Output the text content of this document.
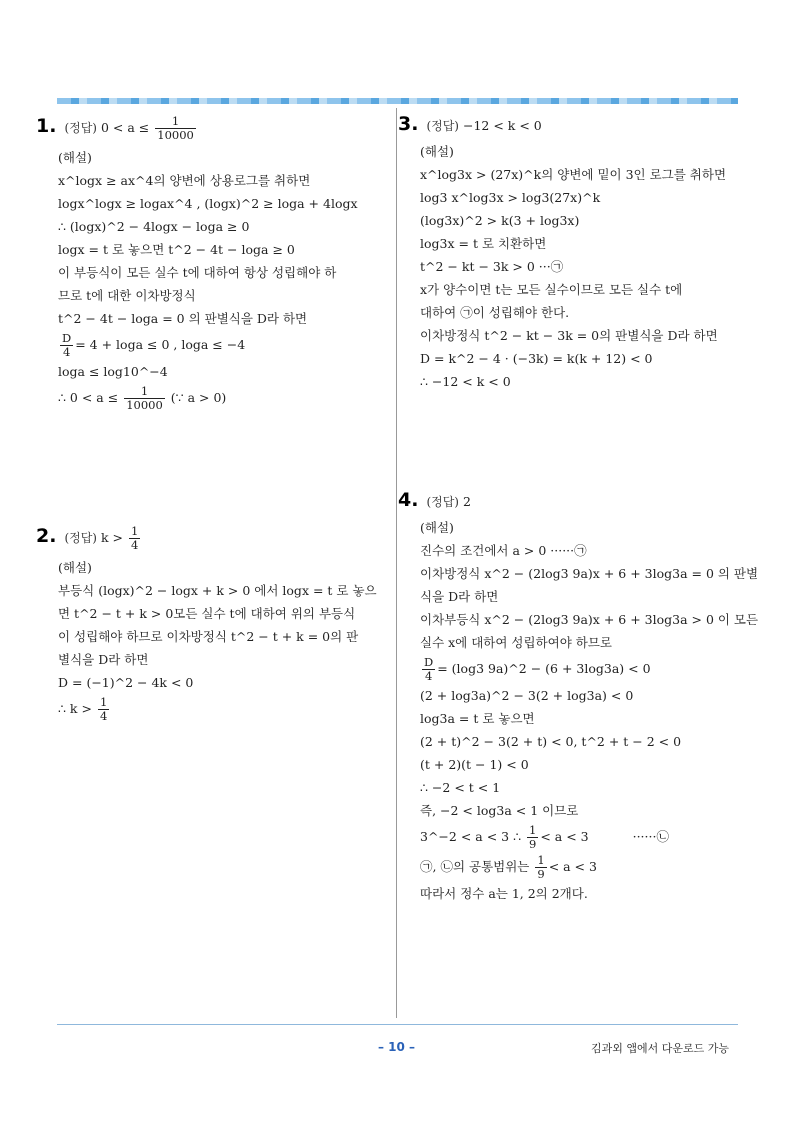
1. (정답) $0 < a \le \frac{1}{10000}$
(해설)
x^logx ≥ ax^4의 양변에 상용로그를 취하면
logx^logx ≥ logax^4 , (logx)^2 ≥ loga + 4logx
∴ (logx)^2 − 4logx − loga ≥ 0
logx = t 로 놓으면 t^2 − 4t − loga ≥ 0
이 부등식이 모든 실수 t에 대하여 항상 성립해야 하
므로 t에 대한 이차방정식
t^2 − 4t − loga = 0 의 판별식을 D라 하면
$\frac{D}{4} = 4 + \log a \le 0$ , loga ≤ −4
loga ≤ log10^−4
∴ $0 < a \le \frac{1}{10000}$ (∵ a > 0)
2. (정답) $k > \frac{1}{4}$
(해설)
부등식 (logx)^2 − logx + k > 0 에서 logx = t 로 놓으
면 t^2 − t + k > 0모든 실수 t에 대하여 위의 부등식
이 성립해야 하므로 이차방정식 t^2 − t + k = 0의 판
별식을 D라 하면
D = (−1)^2 − 4k < 0
∴ $k > \frac{1}{4}$
3. (정답) −12 < k < 0
(해설)
x^log3x > (27x)^k의 양변에 밑이 3인 로그를 취하면
log3 x^log3x > log3(27x)^k
(log3x)^2 > k(3 + log3x)
log3x = t 로 치환하면
t^2 − kt − 3k > 0 ···㉠
x가 양수이면 t는 모든 실수이므로 모든 실수 t에
대하여 ㉠이 성립해야 한다.
이차방정식 t^2 − kt − 3k = 0의 판별식을 D라 하면
D = k^2 − 4 · (−3k) = k(k + 12) < 0
∴ −12 < k < 0
4. (정답) 2
(해설)
진수의 조건에서 a > 0 ······㉠
이차방정식 x^2 − (2log3 9a)x + 6 + 3log3a = 0 의 판별
식을 D라 하면
이차부등식 x^2 − (2log3 9a)x + 6 + 3log3a > 0 이 모든
실수 x에 대하여 성립하여야 하므로
$\frac{D}{4} = (\log 3$ 9a)^2 − (6 + 3log3a) < 0
(2 + log3a)^2 − 3(2 + log3a) < 0
log3a = t 로 놓으면
(2 + t)^2 − 3(2 + t) < 0, t^2 + t − 2 < 0
(t + 2)(t − 1) < 0
∴ −2 < t < 1
즉, −2 < log3a < 1 이므로
3^−2 < a < 3 ∴ $\frac{1}{9} < a < 3$	······㉡
㉠, ㉡의 공통범위는 $\frac{1}{9} < a < 3$
따라서 정수 a는 1, 2의 2개다.
– 10 –	김과외 앱에서 다운로드 가능
